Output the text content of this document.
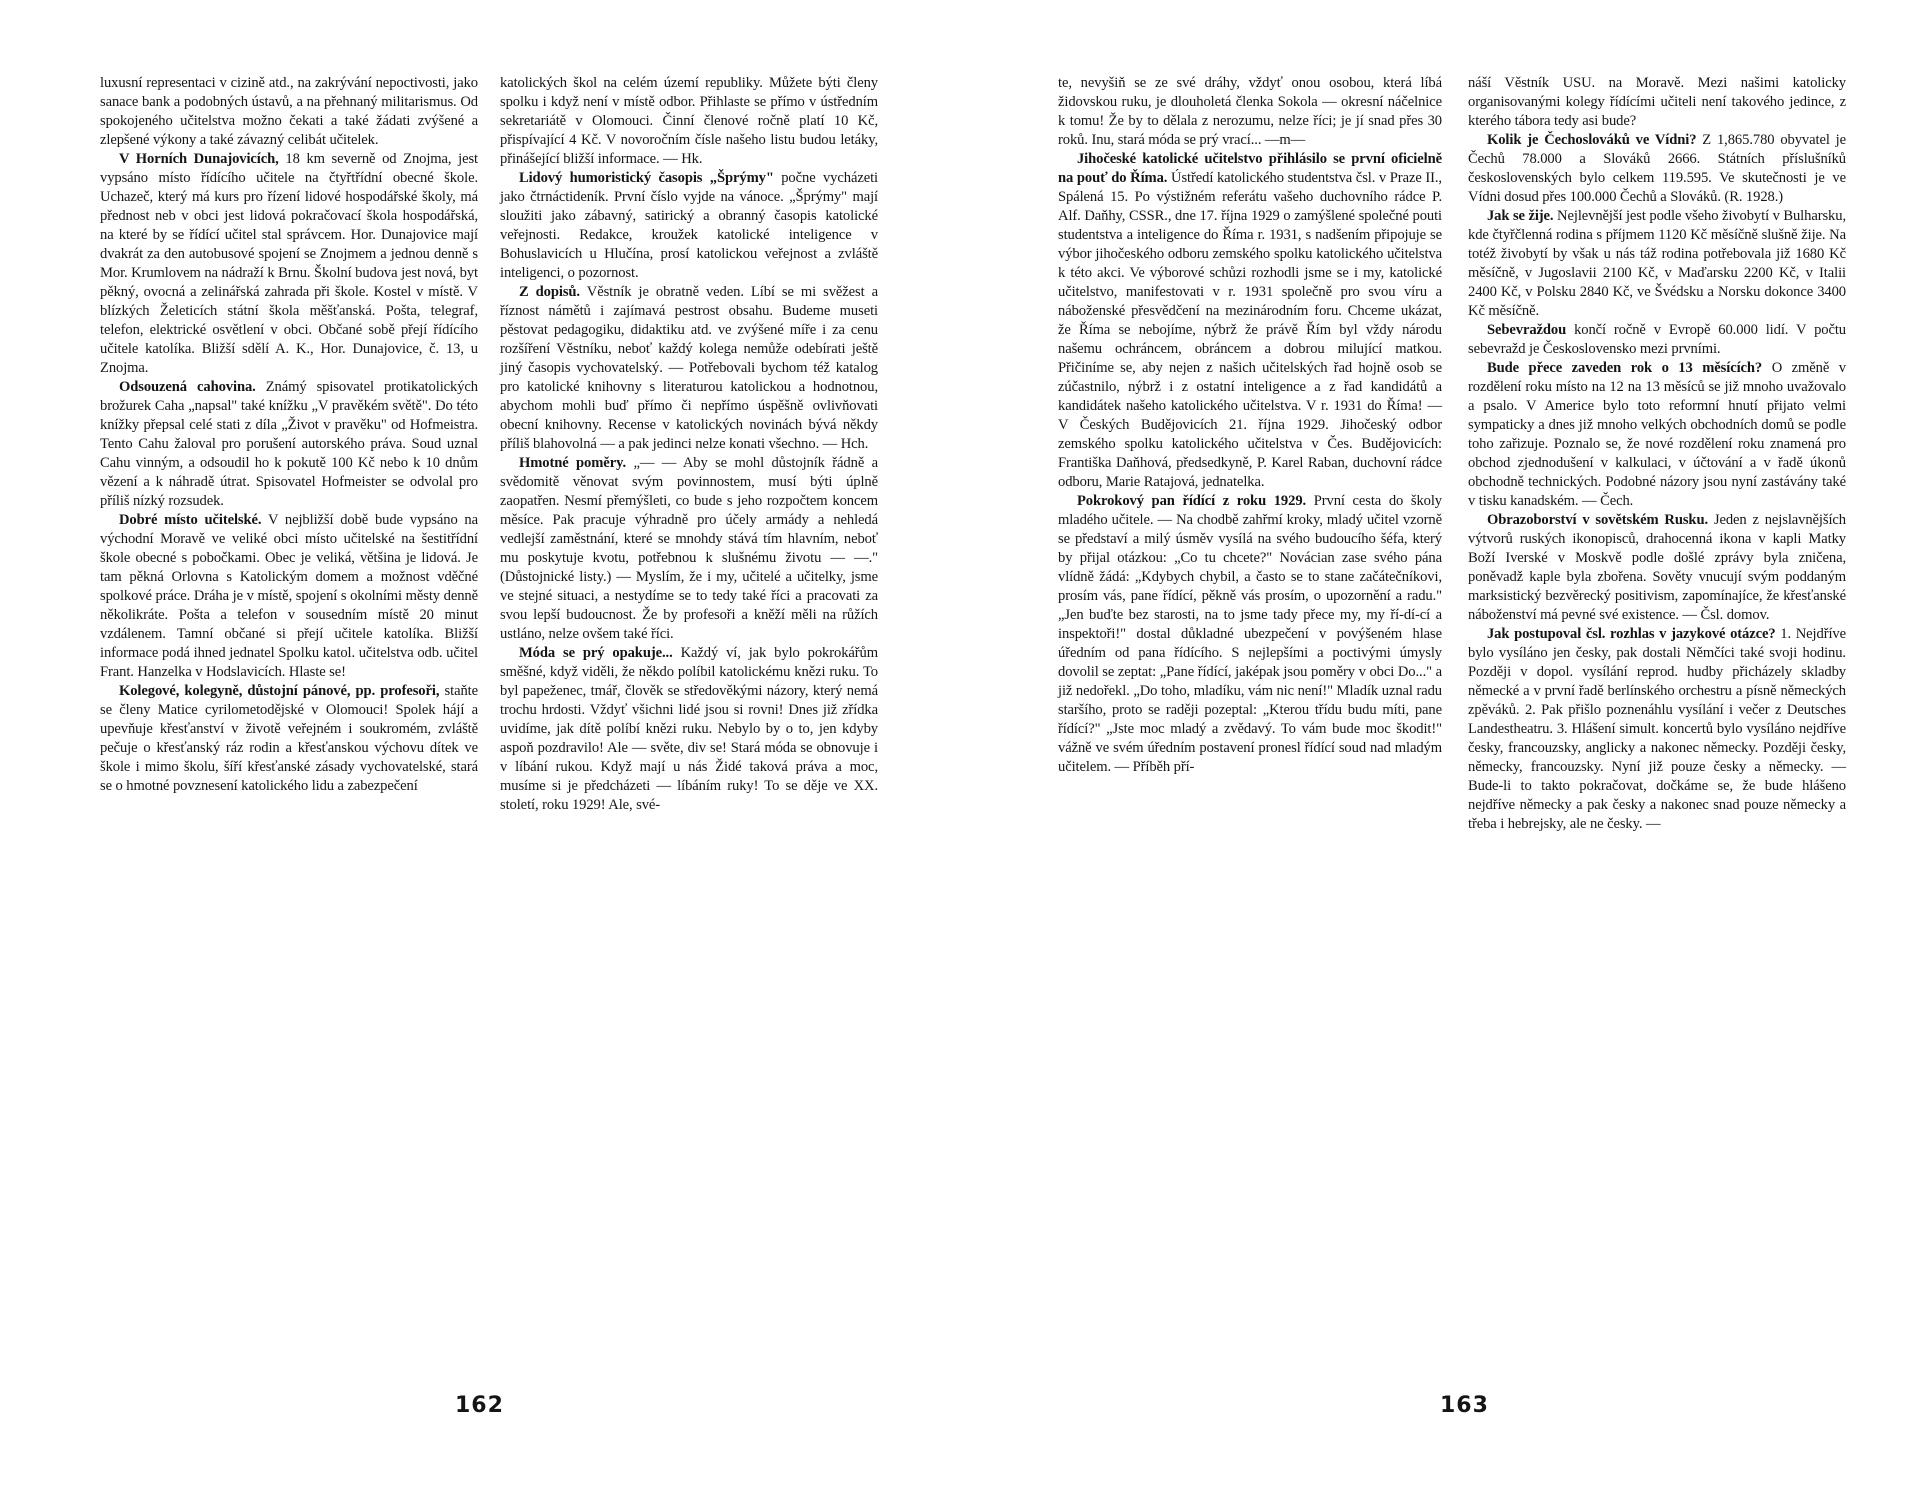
luxusní representaci v cizině atd., na zakrývání nepoctivosti, jako sanace bank a podobných ústavů, a na přehnaný militarismus. Od spokojeného učitelstva možno čekati a také žádati zvýšené a zlepšené výkony a také závazný celibát učitelek.

V Horních Dunajovicích, 18 km severně od Znojma, jest vypsáno místo řídícího učitele na čtyřtřídní obecné škole. Uchazeč, který má kurs pro řízení lidové hospodářské školy, má přednost neb v obci jest lidová pokračovací škola hospodářská, na které by se řídící učitel stal správcem. Hor. Dunajovice mají dvakrát za den autobusové spojení se Znojmem a jednou denně s Mor. Krumlovem na nádraží k Brnu. Školní budova jest nová, byt pěkný, ovocná a zelinářská zahrada při škole. Kostel v místě. V blízkých Želeticích státní škola měšťanská. Pošta, telegraf, telefon, elektrické osvětlení v obci. Občané sobě přejí řídícího učitele katolíka. Bližší sdělí A. K., Hor. Dunajovice, č. 13, u Znojma.

Odsouzená cahovina. Známý spisovatel protikatolických brožurek Caha „napsal" také knížku „V pravěkém světě". Do této knížky přepsal celé stati z díla „Život v pravěku" od Hofmeistra. Tento Cahu žaloval pro porušení autorského práva. Soud uznal Cahu vinným, a odsoudil ho k pokutě 100 Kč nebo k 10 dnům vězení a k náhradě útrat. Spisovatel Hofmeister se odvolal pro příliš nízký rozsudek.

Dobré místo učitelské. V nejbližší době bude vypsáno na východní Moravě ve veliké obci místo učitelské na šestitřídní škole obecné s pobočkami. Obec je veliká, většina je lidová. Je tam pěkná Orlovna s Katolickým domem a možnost vděčné spolkové práce. Dráha je v místě, spojení s okolními městy denně několikráte. Pošta a telefon v sousedním místě 20 minut vzdálenem. Tamní občané si přejí učitele katolíka. Bližší informace podá ihned jednatel Spolku katol. učitelstva odb. učitel Frant. Hanzelka v Hodslavicích. Hlaste se!

Kolegové, kolegyně, důstojní pánové, pp. profesoři, staňte se členy Matice cyrilometodějské v Olomouci! Spolek hájí a upevňuje křesťanství v životě veřejném i soukromém, zvláště pečuje o křesťanský ráz rodin a křesťanskou výchovu dítek ve škole i mimo školu, šíří křesťanské zásady vychovatelské, stará se o hmotné povznesení katolického lidu a zabezpečení

katolických škol na celém území republiky. Můžete býti členy spolku i když není v místě odbor. Přihlaste se přímo v ústředním sekretariátě v Olomouci. Činní členové ročně platí 10 Kč, přispívající 4 Kč. V novoročním čísle našeho listu budou letáky, přinášející bližší informace. — Hk.

Lidový humoristický časopis „Šprýmy" počne vycházeti jako čtrnáctideník. První číslo vyjde na vánoce. „Šprýmy" mají sloužiti jako zábavný, satirický a obranný časopis katolické veřejnosti. Redakce, kroužek katolické inteligence v Bohuslavicích u Hlučína, prosí katolickou veřejnost a zvláště inteligenci, o pozornost.

Z dopisů. Věstník je obratně veden. Líbí se mi svěžest a říznost námětů i zajímavá pestrost obsahu. Budeme museti pěstovat pedagogiku, didaktiku atd. ve zvýšené míře i za cenu rozšíření Věstníku, neboť každý kolega nemůže odebírati ještě jiný časopis vychovatelský. — Potřebovali bychom též katalog pro katolické knihovny s literaturou katolickou a hodnotnou, abychom mohli buď přímo či nepřímo úspěšně ovlivňovati obecní knihovny. Recense v katolických novinách bývá někdy příliš blahovolná — a pak jedinci nelze konati všechno. — Hch.

Hmotné poměry. „— — Aby se mohl důstojník řádně a svědomitě věnovat svým povinnostem, musí býti úplně zaopatřen. Nesmí přemýšleti, co bude s jeho rozpočtem koncem měsíce. Pak pracuje výhradně pro účely armády a nehledá vedlejší zaměstnání, které se mnohdy stává tím hlavním, neboť mu poskytuje kvotu, potřebnou k slušnému životu — —." (Důstojnické listy.) — Myslím, že i my, učitelé a učitelky, jsme ve stejné situaci, a nestydíme se to tedy také říci a pracovati za svou lepší budoucnost. Že by profesoři a kněží měli na růžích ustláno, nelze ovšem také říci.

Móda se prý opakuje... Každý ví, jak bylo pokrokářům směšné, když viděli, že někdo políbil katolickému knězi ruku. To byl papeženec, tmář, člověk se středověkými názory, který nemá trochu hrdosti. Vždyť všichni lidé jsou si rovni! Dnes již zřídka uvidíme, jak dítě políbí knězi ruku. Nebylo by o to, jen kdyby aspoň pozdravilo! Ale — světe, div se! Stará móda se obnovuje i v líbání rukou. Když mají u nás Židé taková práva a moc, musíme si je předcházeti — líbáním ruky! To se děje ve XX. století, roku 1929! Ale, své-

162

te, nevyšiň se ze své dráhy, vždyť onou osobou, která líbá židovskou ruku, je dlouholetá členka Sokola — okresní náčelnice k tomu! Že by to dělala z nerozumu, nelze říci; je jí snad přes 30 roků. Inu, stará móda se prý vrací... —m—

Jihočeské katolické učitelstvo přihlásilo se první oficielně na pouť do Říma. Ústředí katolického studentstva čsl. v Praze II., Spálená 15. Po výstižném referátu vašeho duchovního rádce P. Alf. Daňhy, CSSR., dne 17. října 1929 o zamýšlené společné pouti studentstva a inteligence do Říma r. 1931, s nadšením připojuje se výbor jihočeského odboru zemského spolku katolického učitelstva k této akci. Ve výborové schůzi rozhodli jsme se i my, katolické učitelstvo, manifestovati v r. 1931 společně pro svou víru a náboženské přesvědčení na mezinárodním foru. Chceme ukázat, že Říma se nebojíme, nýbrž že právě Řím byl vždy národu našemu ochráncem, obráncem a dobrou milující matkou. Přičiníme se, aby nejen z našich učitelských řad hojně osob se zúčastnilo, nýbrž i z ostatní inteligence a z řad kandidátů a kandidátek našeho katolického učitelstva. V r. 1931 do Říma! — V Českých Budějovicích 21. října 1929. Jihočeský odbor zemského spolku katolického učitelstva v Čes. Budějovicích: Františka Daňhová, předsedkyně, P. Karel Raban, duchovní rádce odboru, Marie Ratajová, jednatelka.

Pokrokový pan řídící z roku 1929. První cesta do školy mladého učitele. — Na chodbě zahřmí kroky, mladý učitel vzorně se představí a milý úsměv vysílá na svého budoucího šéfa, který by přijal otázkou: „Co tu chcete?" Novácian zase svého pána vlídně žádá: „Kdybych chybil, a často se to stane začátečníkovi, prosím vás, pane řídící, pěkně vás prosím, o upozornění a radu." „Jen buďte bez starosti, na to jsme tady přece my, my ří-dí-cí a inspektoři!" dostal důkladné ubezpečení v povýšeném hlase úředním od pana řídícího. S nejlepšími a poctivými úmysly dovolil se zeptat: „Pane řídící, jaképak jsou poměry v obci Do..." a již nedořekl. „Do toho, mladíku, vám nic není!" Mladík uznal radu staršího, proto se raději pozeptal: „Kterou třídu budu míti, pane řídící?" „Jste moc mladý a zvědavý. To vám bude moc škodit!" vážně ve svém úředním postavení pronesl řídící soud nad mladým učitelem. — Příběh pří-

náší Věstník USU. na Moravě. Mezi našimi katolicky organisovanými kolegy řídícími učiteli není takového jedince, z kterého tábora tedy asi bude?

Kolik je Čechoslováků ve Vídni? Z 1,865.780 obyvatel je Čechů 78.000 a Slováků 2666. Státních příslušníků československých bylo celkem 119.595. Ve skutečnosti je ve Vídni dosud přes 100.000 Čechů a Slováků. (R. 1928.)

Jak se žije. Nejlevnější jest podle všeho živobytí v Bulharsku, kde čtyřčlenná rodina s příjmem 1120 Kč měsíčně slušně žije. Na totéž živobytí by však u nás táž rodina potřebovala již 1680 Kč měsíčně, v Jugoslavii 2100 Kč, v Maďarsku 2200 Kč, v Italii 2400 Kč, v Polsku 2840 Kč, ve Švédsku a Norsku dokonce 3400 Kč měsíčně.

Sebevraždou končí ročně v Evropě 60.000 lidí. V počtu sebevražd je Československo mezi prvními.

Bude přece zaveden rok o 13 měsících? O změně v rozdělení roku místo na 12 na 13 měsíců se již mnoho uvažovalo a psalo. V Americe bylo toto reformní hnutí přijato velmi sympaticky a dnes již mnoho velkých obchodních domů se podle toho zařizuje. Poznalo se, že nové rozdělení roku znamená pro obchod zjednodušení v kalkulaci, v účtování a v řadě úkonů obchodně technických. Podobné názory jsou nyní zastávány také v tisku kanadském. — Čech.

Obrazoborství v sovětském Rusku. Jeden z nejslavnějších výtvorů ruských ikonopisců, drahocenná ikona v kapli Matky Boží Iverské v Moskvě podle došlé zprávy byla zničena, poněvadž kaple byla zbořena. Sověty vnucují svým poddaným marksistický bezvěrecký positivism, zapomínajíce, že křesťanské náboženství má pevné své existence. — Čsl. domov.

Jak postupoval čsl. rozhlas v jazykové otázce? 1. Nejdříve bylo vysíláno jen česky, pak dostali Němčíci také svoji hodinu. Později v dopol. vysílání reprod. hudby přicházely skladby německé a v první řadě berlínského orchestru a písně německých zpěváků. 2. Pak přišlo poznenáhlu vysílání i večer z Deutsches Landestheatru. 3. Hlášení simult. koncertů bylo vysíláno nejdříve česky, francouzsky, anglicky a nakonec německy. Později česky, německy, francouzsky. Nyní již pouze česky a německy. — Bude-li to takto pokračovat, dočkáme se, že bude hlášeno nejdříve německy a pak česky a nakonec snad pouze německy a třeba i hebrejsky, ale ne česky. —

163
